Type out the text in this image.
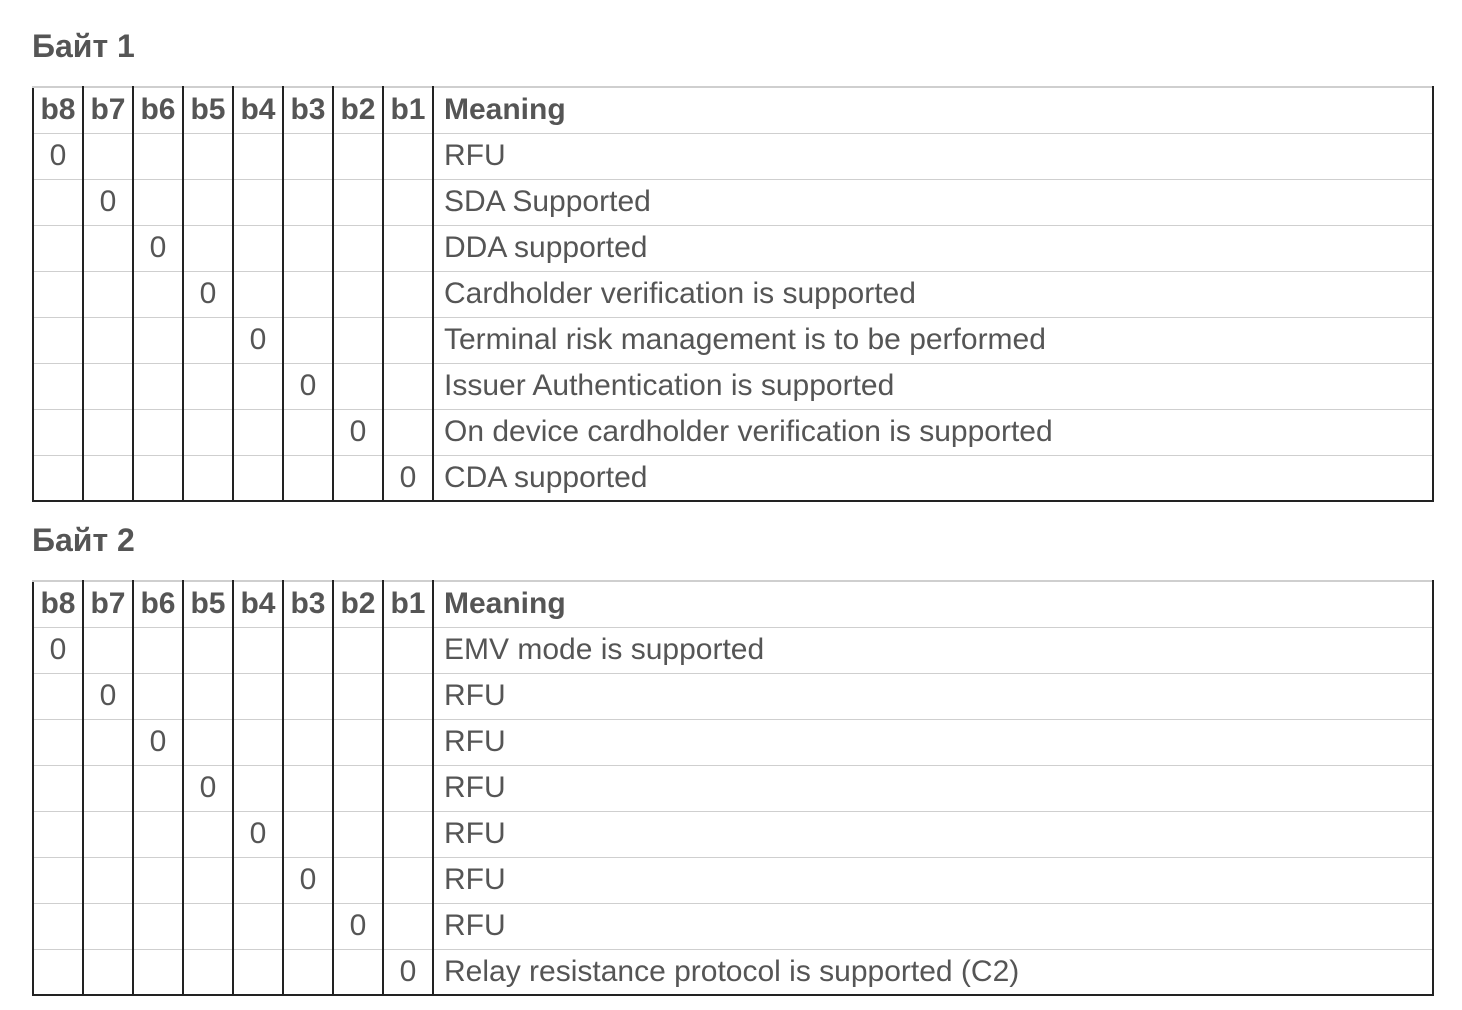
Байт 1
b8	b7	b6	b5	b4	b3	b2	b1	Meaning
0								RFU
	0							SDA Supported
		0						DDA supported
			0					Cardholder verification is supported
				0				Terminal risk management is to be performed
					0			Issuer Authentication is supported
						0		On device cardholder verification is supported
							0	CDA supported
Байт 2
b8	b7	b6	b5	b4	b3	b2	b1	Meaning
0								EMV mode is supported
	0							RFU
		0						RFU
			0					RFU
				0				RFU
					0			RFU
						0		RFU
							0	Relay resistance protocol is supported (C2)
